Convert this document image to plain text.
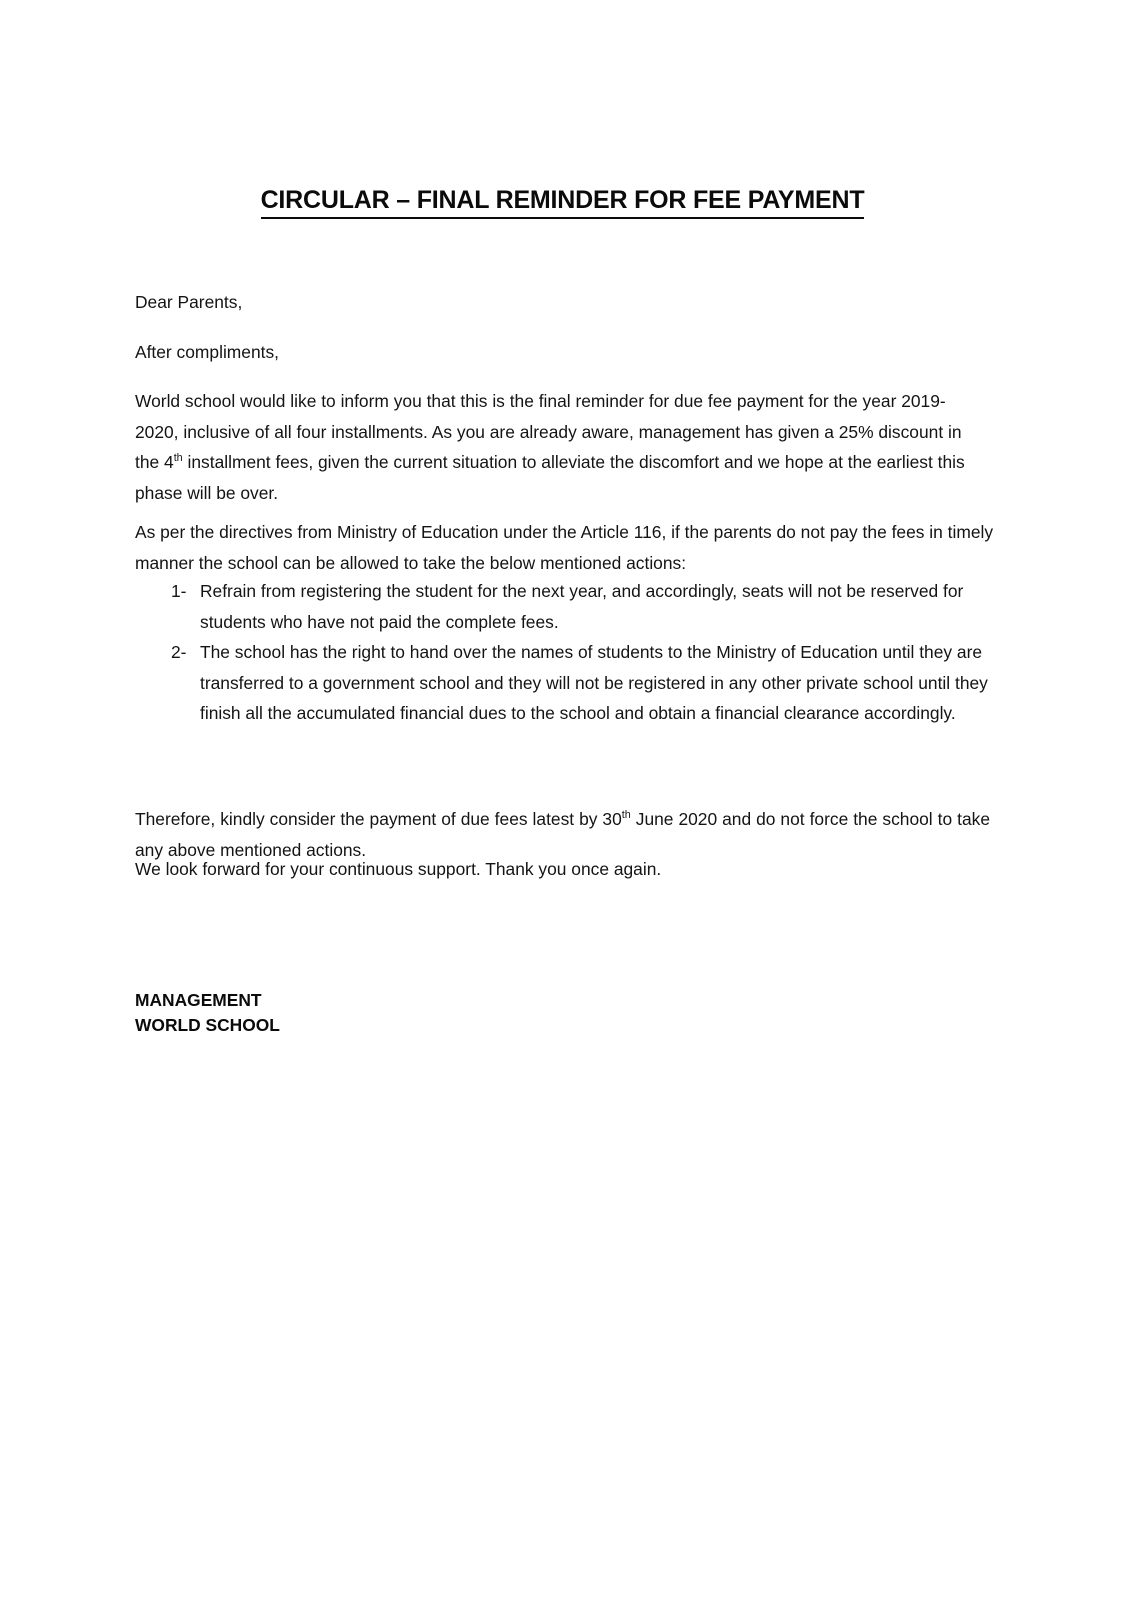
CIRCULAR – FINAL REMINDER FOR FEE PAYMENT

Dear Parents,

After compliments,

World school would like to inform you that this is the final reminder for due fee payment for the year 2019-2020, inclusive of all four installments. As you are already aware, management has given a 25% discount in the 4th installment fees, given the current situation to alleviate the discomfort and we hope at the earliest this phase will be over.

As per the directives from Ministry of Education under the Article 116, if the parents do not pay the fees in timely manner the school can be allowed to take the below mentioned actions:

1- Refrain from registering the student for the next year, and accordingly, seats will not be reserved for students who have not paid the complete fees.
2- The school has the right to hand over the names of students to the Ministry of Education until they are transferred to a government school and they will not be registered in any other private school until they finish all the accumulated financial dues to the school and obtain a financial clearance accordingly.

Therefore, kindly consider the payment of due fees latest by 30th June 2020 and do not force the school to take any above mentioned actions.

We look forward for your continuous support. Thank you once again.

MANAGEMENT
WORLD SCHOOL
